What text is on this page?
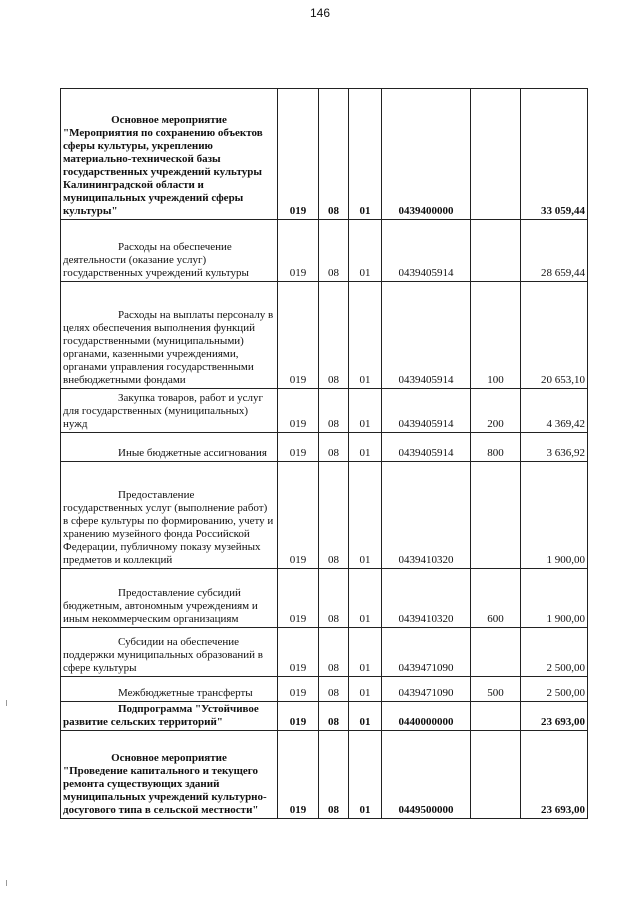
146
Основное мероприятие
"Мероприятия по сохранению объектов сферы культуры, укреплению материально-технической базы государственных учреждений культуры Калининградской области и муниципальных учреждений сферы культуры"	019	08	01	0439400000		33 059,44
Расходы на обеспечение деятельности (оказание услуг) государственных учреждений культуры	019	08	01	0439405914		28 659,44
Расходы на выплаты персоналу в целях обеспечения выполнения функций государственными (муниципальными) органами, казенными учреждениями, органами управления государственными внебюджетными фондами	019	08	01	0439405914	100	20 653,10
Закупка товаров, работ и услуг для государственных (муниципальных) нужд	019	08	01	0439405914	200	4 369,42
Иные бюджетные ассигнования	019	08	01	0439405914	800	3 636,92
Предоставление государственных услуг (выполнение работ) в сфере культуры по формированию, учету и хранению музейного фонда Российской Федерации, публичному показу музейных предметов и коллекций	019	08	01	0439410320		1 900,00
Предоставление субсидий бюджетным, автономным учреждениям и иным некоммерческим организациям	019	08	01	0439410320	600	1 900,00
Субсидии на обеспечение поддержки муниципальных образований в сфере культуры	019	08	01	0439471090		2 500,00
Межбюджетные трансферты	019	08	01	0439471090	500	2 500,00
Подпрограмма "Устойчивое развитие сельских территорий"	019	08	01	0440000000		23 693,00

Основное мероприятие
"Проведение капитального и текущего ремонта существующих зданий муниципальных учреждений культурно-досугового типа в сельской местности"	019	08	01	0449500000		23 693,00
